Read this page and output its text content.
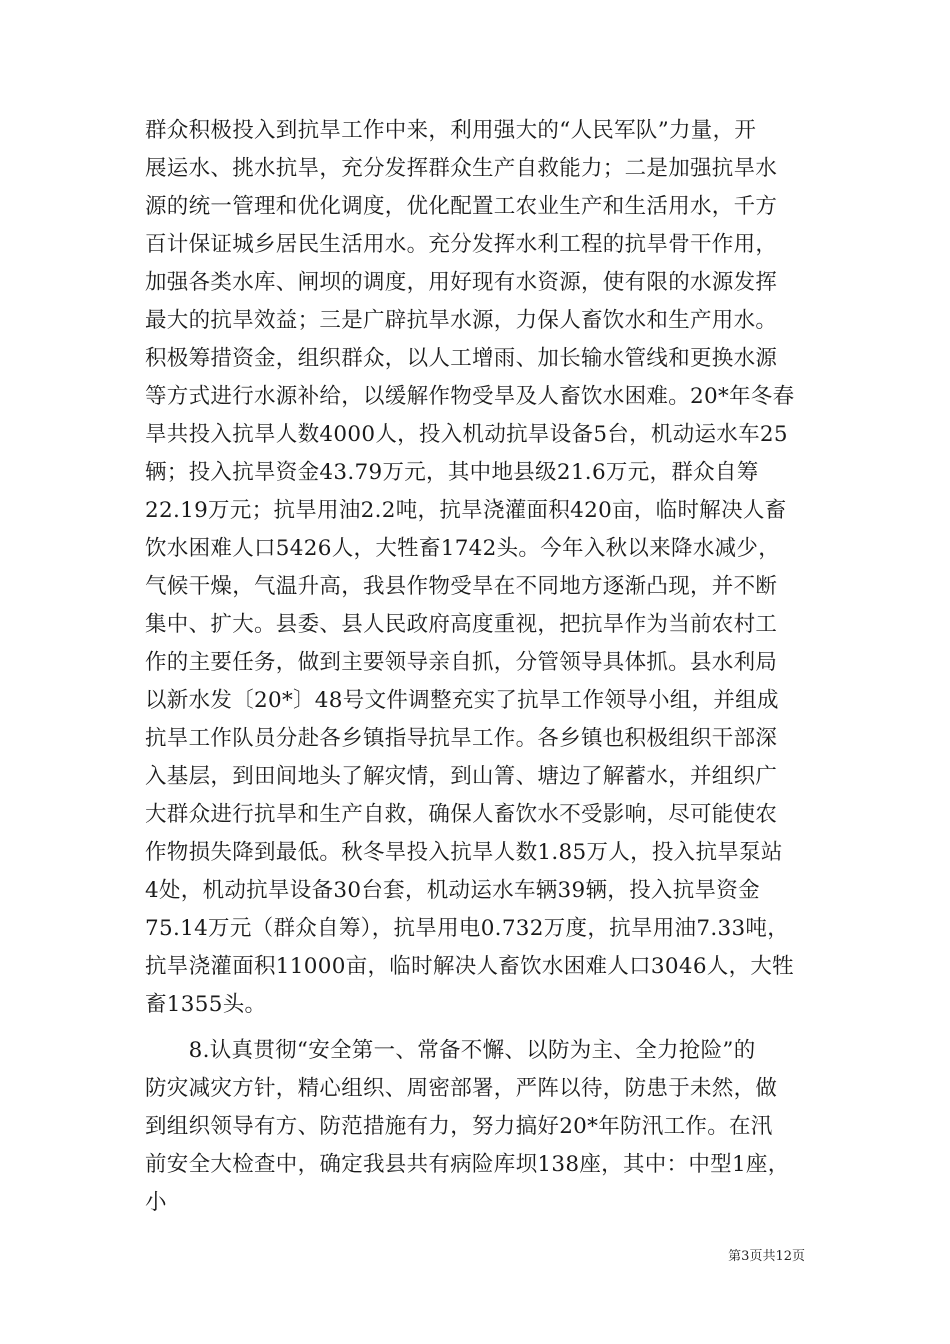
群众积极投入到抗旱工作中来，利用强大的“人民军队”力量，开
展运水、挑水抗旱，充分发挥群众生产自救能力；二是加强抗旱水
源的统一管理和优化调度，优化配置工农业生产和生活用水，千方
百计保证城乡居民生活用水。充分发挥水利工程的抗旱骨干作用，
加强各类水库、闸坝的调度，用好现有水资源，使有限的水源发挥
最大的抗旱效益；三是广辟抗旱水源，力保人畜饮水和生产用水。
积极筹措资金，组织群众，以人工增雨、加长输水管线和更换水源
等方式进行水源补给，以缓解作物受旱及人畜饮水困难。20*年冬春
旱共投入抗旱人数4000人，投入机动抗旱设备5台，机动运水车25
辆；投入抗旱资金43.79万元，其中地县级21.6万元，群众自筹
22.19万元；抗旱用油2.2吨，抗旱浇灌面积420亩，临时解决人畜
饮水困难人口5426人，大牲畜1742头。今年入秋以来降水减少，
气候干燥，气温升高，我县作物受旱在不同地方逐渐凸现，并不断
集中、扩大。县委、县人民政府高度重视，把抗旱作为当前农村工
作的主要任务，做到主要领导亲自抓，分管领导具体抓。县水利局
以新水发〔20*〕48号文件调整充实了抗旱工作领导小组，并组成
抗旱工作队员分赴各乡镇指导抗旱工作。各乡镇也积极组织干部深
入基层，到田间地头了解灾情，到山箐、塘边了解蓄水，并组织广
大群众进行抗旱和生产自救，确保人畜饮水不受影响，尽可能使农
作物损失降到最低。秋冬旱投入抗旱人数1.85万人，投入抗旱泵站
4处，机动抗旱设备30台套，机动运水车辆39辆，投入抗旱资金
75.14万元（群众自筹），抗旱用电0.732万度，抗旱用油7.33吨，
抗旱浇灌面积11000亩，临时解决人畜饮水困难人口3046人，大牲
畜1355头。
　　8.认真贯彻“安全第一、常备不懈、以防为主、全力抢险”的
防灾减灾方针，精心组织、周密部署，严阵以待，防患于未然，做
到组织领导有方、防范措施有力，努力搞好20*年防汛工作。在汛
前安全大检查中，确定我县共有病险库坝138座，其中：中型1座，
小
第3页共12页
